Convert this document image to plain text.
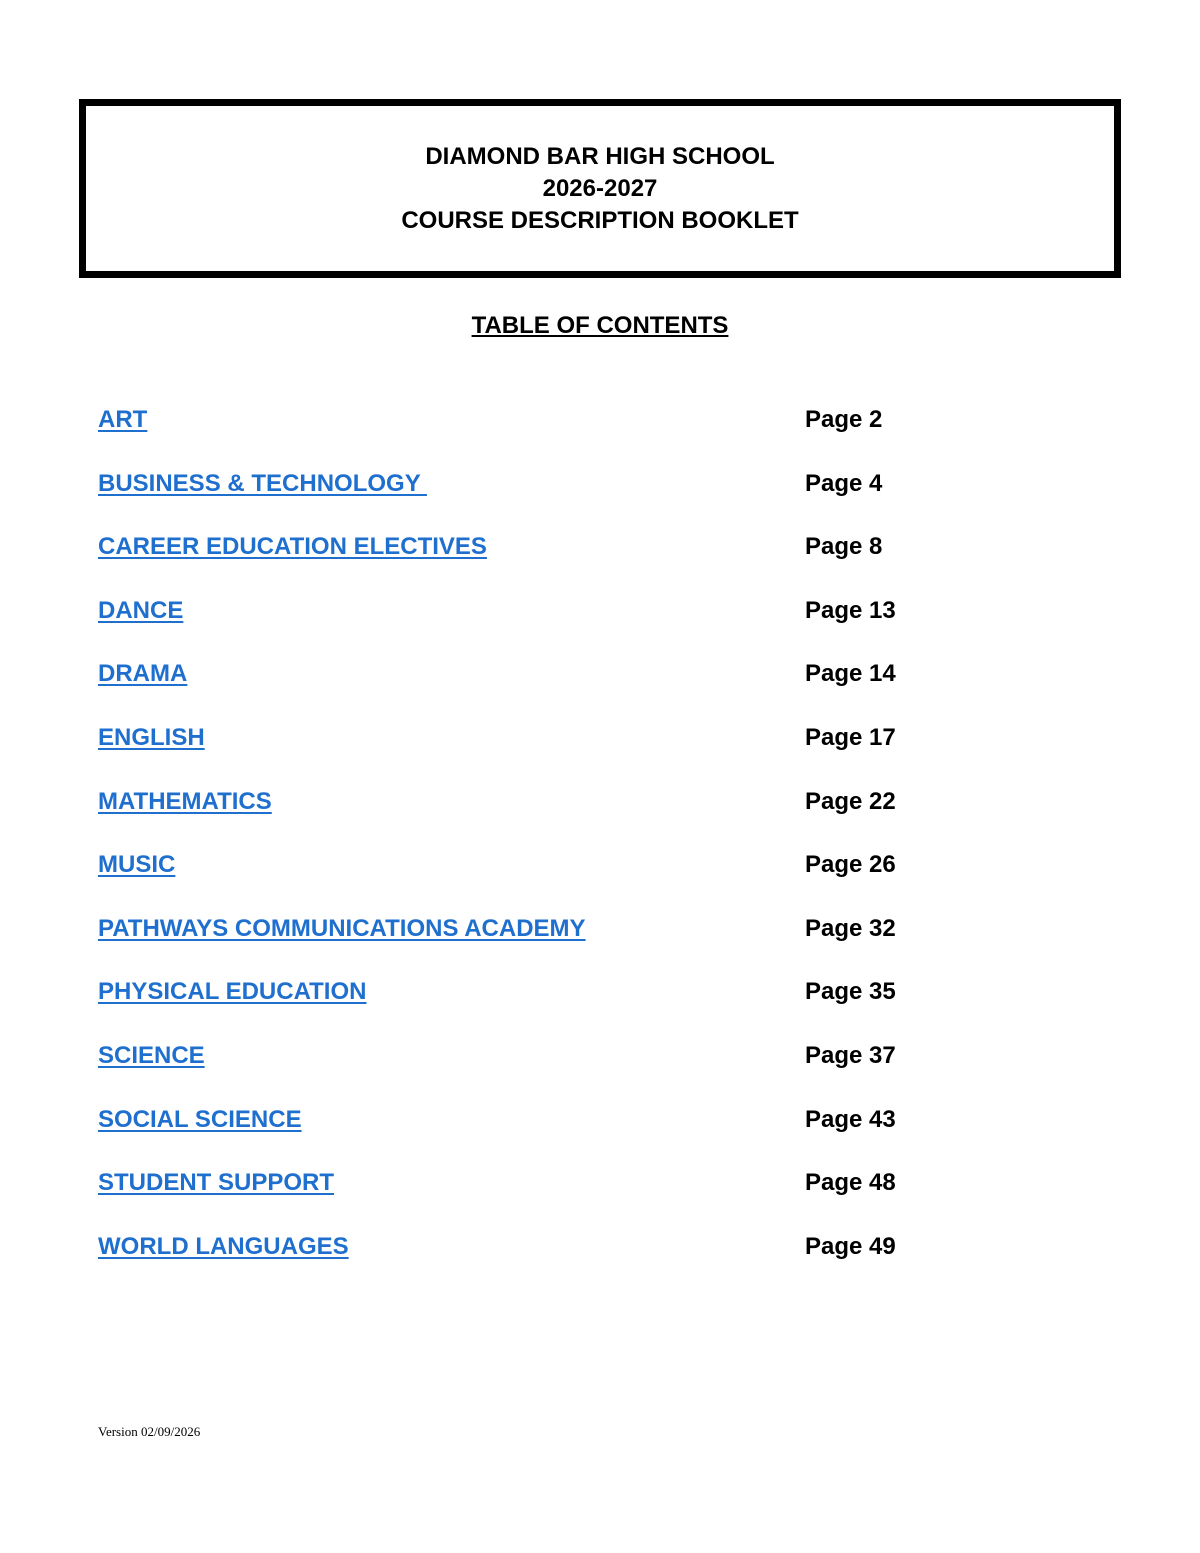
DIAMOND BAR HIGH SCHOOL
2026-2027
COURSE DESCRIPTION BOOKLET
TABLE OF CONTENTS
ART	Page 2
BUSINESS & TECHNOLOGY	Page 4
CAREER EDUCATION ELECTIVES	Page 8
DANCE	Page 13
DRAMA	Page 14
ENGLISH	Page 17
MATHEMATICS	Page 22
MUSIC	Page 26
PATHWAYS COMMUNICATIONS ACADEMY	Page 32
PHYSICAL EDUCATION	Page 35
SCIENCE	Page 37
SOCIAL SCIENCE	Page 43
STUDENT SUPPORT	Page 48
WORLD LANGUAGES	Page 49
Version 02/09/2026
